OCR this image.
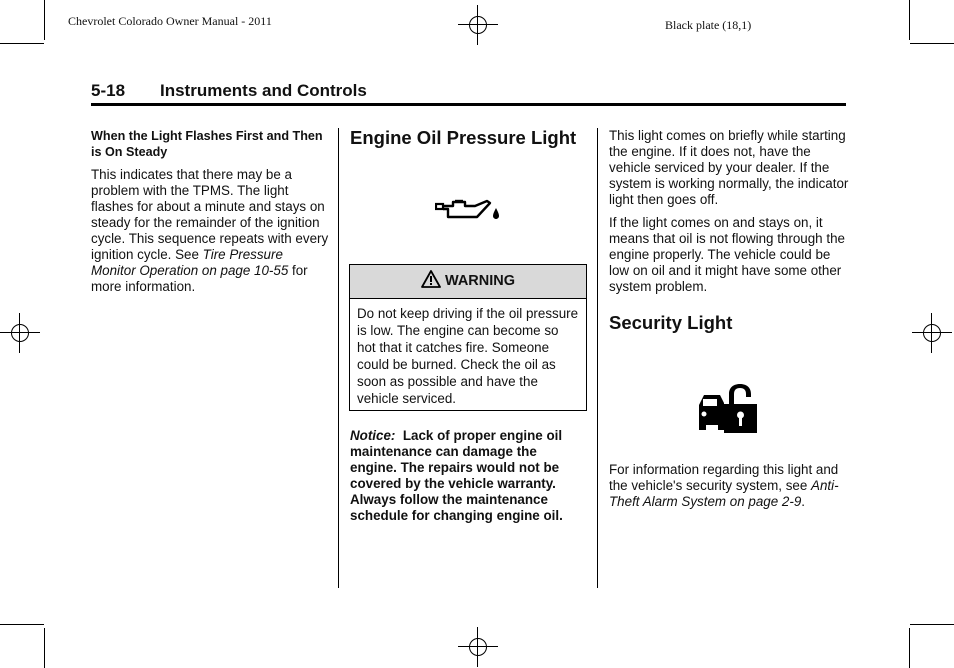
Chevrolet Colorado Owner Manual - 2011	Black plate (18,1)
5-18 Instruments and Controls
When the Light Flashes First and Then is On Steady

This indicates that there may be a problem with the TPMS. The light flashes for about a minute and stays on steady for the remainder of the ignition cycle. This sequence repeats with every ignition cycle. See Tire Pressure Monitor Operation on page 10-55 for more information.

Engine Oil Pressure Light
WARNING
Do not keep driving if the oil pressure is low. The engine can become so hot that it catches fire. Someone could be burned. Check the oil as soon as possible and have the vehicle serviced.
Notice: Lack of proper engine oil maintenance can damage the engine. The repairs would not be covered by the vehicle warranty. Always follow the maintenance schedule for changing engine oil.

This light comes on briefly while starting the engine. If it does not, have the vehicle serviced by your dealer. If the system is working normally, the indicator light then goes off.

If the light comes on and stays on, it means that oil is not flowing through the engine properly. The vehicle could be low on oil and it might have some other system problem.

Security Light
For information regarding this light and the vehicle's security system, see Anti-Theft Alarm System on page 2-9.
